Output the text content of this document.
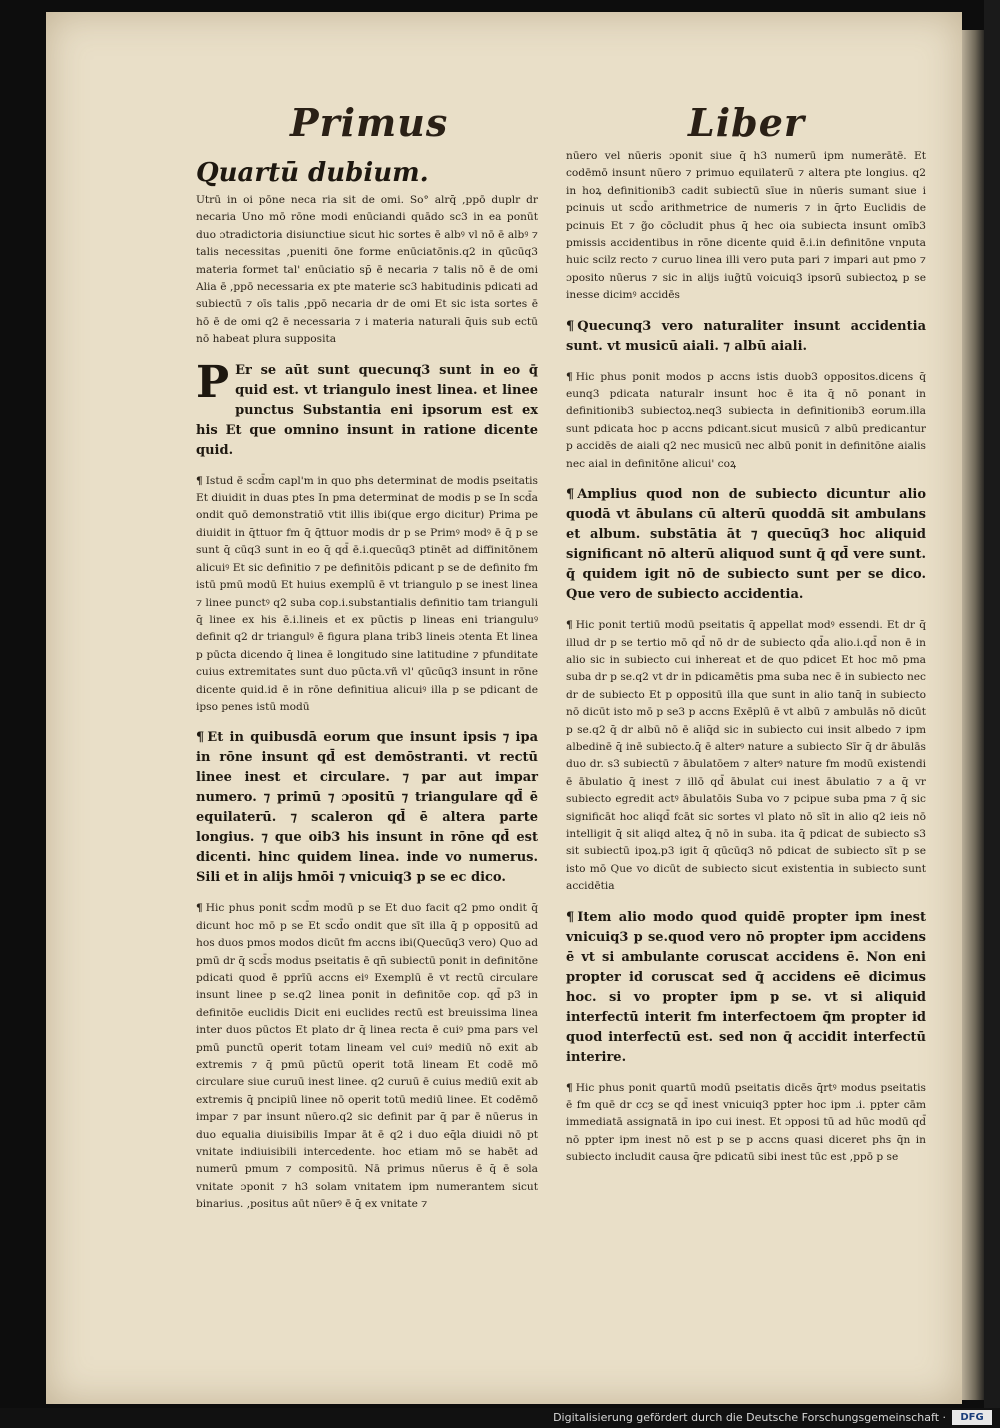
Primus	Liber

Quartū dubium.
Utrū in oi pōne neca ria sit de omi. So° alrq̄ ,ppō duplr dr necaria Uno mō rōne modi enūciandi quādo sc3 in ea ponūt duo ɔtradictoria disiunctiue sicut hic sortes ē albꝰ vl nō ē albꝰ ⁊ talis necessitas ,pueniti ōne forme enūciatōnis.q2 in qūcūq3 materia formet tal' enūciatio sp̄ ē necaria ⁊ talis nō ē de omi Alia ē ,ppō necessaria ex pte materie sc3 habitudinis pdicati ad subiectū ⁊ oīs talis ,ppō necaria dr de omi Et sic ista sortes ē hō ē de omi q2 ē necessaria ⁊ i materia naturali q̄uis sub ectū nō habeat plura supposita

P Er se aūt sunt quecunq3 sunt in eo q̄ quid est. vt triangulo inest linea. et linee punctus Substantia eni ipsorum est ex his Et que omnino insunt in ratione dicente quid.

¶ Istud ē scd̄m capl'm in quo phs determinat de modis pseitatis Et diuidit in duas ptes In pma determinat de modis p se In scd̄a ondit quō demonstratiō vtit illis ibi(que ergo dicitur) Prima pe diuidit in q̄ttuor fm q̄ q̄ttuor modis dr p se Primꝰ modꝰ ē q̄ p se sunt q̄ cūq3 sunt in eo q̄ qd̄ ē.i.quecūq3 ptinēt ad diffinitōnem alicuiꝰ Et sic definitio ⁊ pe definitōis pdicant p se de definito fm istū pmū modū Et huius exemplū ē vt triangulo p se inest linea ⁊ linee punctꝰ q2 suba cop.i.substantialis definitio tam trianguli q̄ linee ex his ē.i.lineis et ex pūctis p lineas eni trianguluꝰ definit q2 dr triangulꝰ ē figura plana trib3 lineis ɔtenta Et linea p pūcta dicendo q̄ linea ē longitudo sine latitudine ⁊ pfunditate cuius extremitates sunt duo pūcta.vñ vl' qūcūq3 insunt in rōne dicente quid.id ē in rōne definitiua alicuiꝰ illa p se pdicant de ipso penes istū modū

¶ Et in quibusdā eorum que insunt ipsis ⁊ ipa in rōne insunt qd̄ est demōstranti. vt rectū linee inest et circulare. ⁊ par aut impar numero. ⁊ primū ⁊ ɔpositū ⁊ triangulare qd̄ ē equilaterū. ⁊ scaleron qd̄ ē altera parte longius. ⁊ que oib3 his insunt in rōne qd̄ est dicenti. hinc quidem linea. inde vo numerus. Sili et in alijs hmōi ⁊ vnicuiq3 p se ec dico.

¶ Hic phus ponit scd̄m modū p se Et duo facit q2 pmo ondit q̄ dicunt hoc mō p se Et scd̄o ondit que sīt illa q̄ p oppositū ad hos duos pmos modos dicūt fm accns ibi(Quecūq3 vero) Quo ad pmū dr q̄ scd̄s modus pseitatis ē qn̄ subiectū ponit in definitōne pdicati quod ē pprīū accns eiꝰ Exemplū ē vt rectū circulare insunt linee p se.q2 linea ponit in definitōe cop. qd̄ p3 in definitōe euclidis Dicit eni euclides rectū est breuissima linea inter duos pūctos Et plato dr q̄ linea recta ē cuiꝰ pma pars vel pmū punctū operit totam lineam vel cuiꝰ mediū nō exit ab extremis ⁊ q̄ pmū pūctū operit totā lineam Et codē mō circulare siue curuū inest linee. q2 curuū ē cuius mediū exit ab extremis q̄ pncipiū linee nō operit totū mediū linee. Et codēmō impar ⁊ par insunt nūero.q2 sic definit par q̄ par ē nūerus in duo equalia diuisibilis Impar āt ē q2 i duo eq̄la diuidi nō pt vnitate indiuisibili intercedente. hoc etiam mō se habēt ad numerū pmum ⁊ compositū. Nā primus nūerus ē q̄ ē sola vnitate ɔponit ⁊ h3 solam vnitatem ipm numerantem sicut binarius. ,positus aūt nūerꝰ ē q̄ ex vnitate ⁊

nūero vel nūeris ɔponit siue q̄ h3 numerū ipm numerātē. Et codēmō insunt nūero ⁊ primuo equilaterū ⁊ altera pte longius. q2 in hoꝝ definitionib3 cadit subiectū sīue in nūeris sumant siue i pcinuis ut scd̄o arithmetrice de numeris ⁊ in q̄rto Euclidis de pcinuis Et ⁊ g̃o cōcludit phus q̄ hec oia subiecta insunt omīb3 pmissis accidentibus in rōne dicente quid ē.i.in definitōne vnputa huic scilz recto ⁊ curuo linea illi vero puta pari ⁊ impari aut pmo ⁊ ɔposito nūerus ⁊ sic in alijs iug̃tū voicuiq3 ipsorū subiectoꝝ p se inesse dicimꝰ accidēs

¶ Quecunq3 vero naturaliter insunt accidentia sunt. vt musicū aiali. ⁊ albū aiali.

¶ Hic phus ponit modos p accns istis duob3 oppositos.dicens q̄ eunq3 pdicata naturalr insunt hoc ē ita q̄ nō ponant in definitionib3 subiectoꝝ.neq3 subiecta in definitionib3 eorum.illa sunt pdicata hoc p accns pdicant.sicut musicū ⁊ albū predicantur p accidēs de aiali q2 nec musicū nec albū ponit in definitōne aialis nec aial in definitōne alicui' coꝝ

¶ Amplius quod non de subiecto dicuntur alio quodā vt ābulans cū alterū quoddā sit ambulans et album. substātia āt ⁊ quecūq3 hoc aliquid significant nō alterū aliquod sunt q̄ qd̄ vere sunt. q̄ quidem igit nō de subiecto sunt per se dico. Que vero de subiecto accidentia.

¶ Hic ponit tertiū modū pseitatis q̄ appellat modꝰ essendi. Et dr q̄ illud dr p se tertio mō qd̄ nō dr de subiecto qd̄a alio.i.qd̄ non ē in alio sic in subiecto cui inhereat et de quo pdicet Et hoc mō pma suba dr p se.q2 vt dr in pdicamētis pma suba nec ē in subiecto nec dr de subiecto Et p oppositū illa que sunt in alio tanq̄ in subiecto nō dicūt isto mō p se3 p accns Exēplū ē vt albū ⁊ ambulās nō dicūt p se.q2 q̄ dr albū nō ē aliq̄d sic in subiecto cui insit albedo ⁊ ipm albedinē q̄ inē subiecto.q̄ ē alterꝰ nature a subiecto Sīr q̄ dr ābulās duo dr. s3 subiectū ⁊ ābulatōem ⁊ alterꝰ nature fm modū existendi ē ābulatio q̄ inest ⁊ illō qd̄ ābulat cui inest ābulatio ⁊ a q̄ vr subiecto egredit actꝰ ābulatōis Suba vo ⁊ pcipue suba pma ⁊ q̄ sic significāt hoc aliqd̄ fcāt sic sortes vl plato nō sīt in alio q2 ieis nō intelligit q̄ sit aliqd alteꝝ q̄ nō in suba. ita q̄ pdicat de subiecto s3 sit subiectū ipoꝝ.p3 igit q̄ qūcūq3 nō pdicat de subiecto sīt p se isto mō Que vo dicūt de subiecto sicut existentia in subiecto sunt accidētia

¶ Item alio modo quod quidē propter ipm inest vnicuiq3 p se.quod vero nō propter ipm accidens ē vt si ambulante coruscat accidens ē. Non eni propter id coruscat sed q̄ accidens eē dicimus hoc. si vo propter ipm p se. vt si aliquid interfectū interit fm interfectoem q̄m propter id quod interfectū est. sed non q̄ accidit interfectū interire.

¶ Hic phus ponit quartū modū pseitatis dicēs q̄rtꝰ modus pseitatis ē fm quē dr ccȝ se qd̄ inest vnicuiq3 ppter hoc ipm .i. ppter cām immediatā assignatā in ipo cui inest. Et ɔpposi tū ad hūc modū qd̄ nō ppter ipm inest nō est p se p accns quasi diceret phs q̄n in subiecto includit causa q̄re pdicatū sibi inest tūc est ,ppō p se

Digitalisierung gefördert durch die Deutsche Forschungsgemeinschaft ·	DFG
